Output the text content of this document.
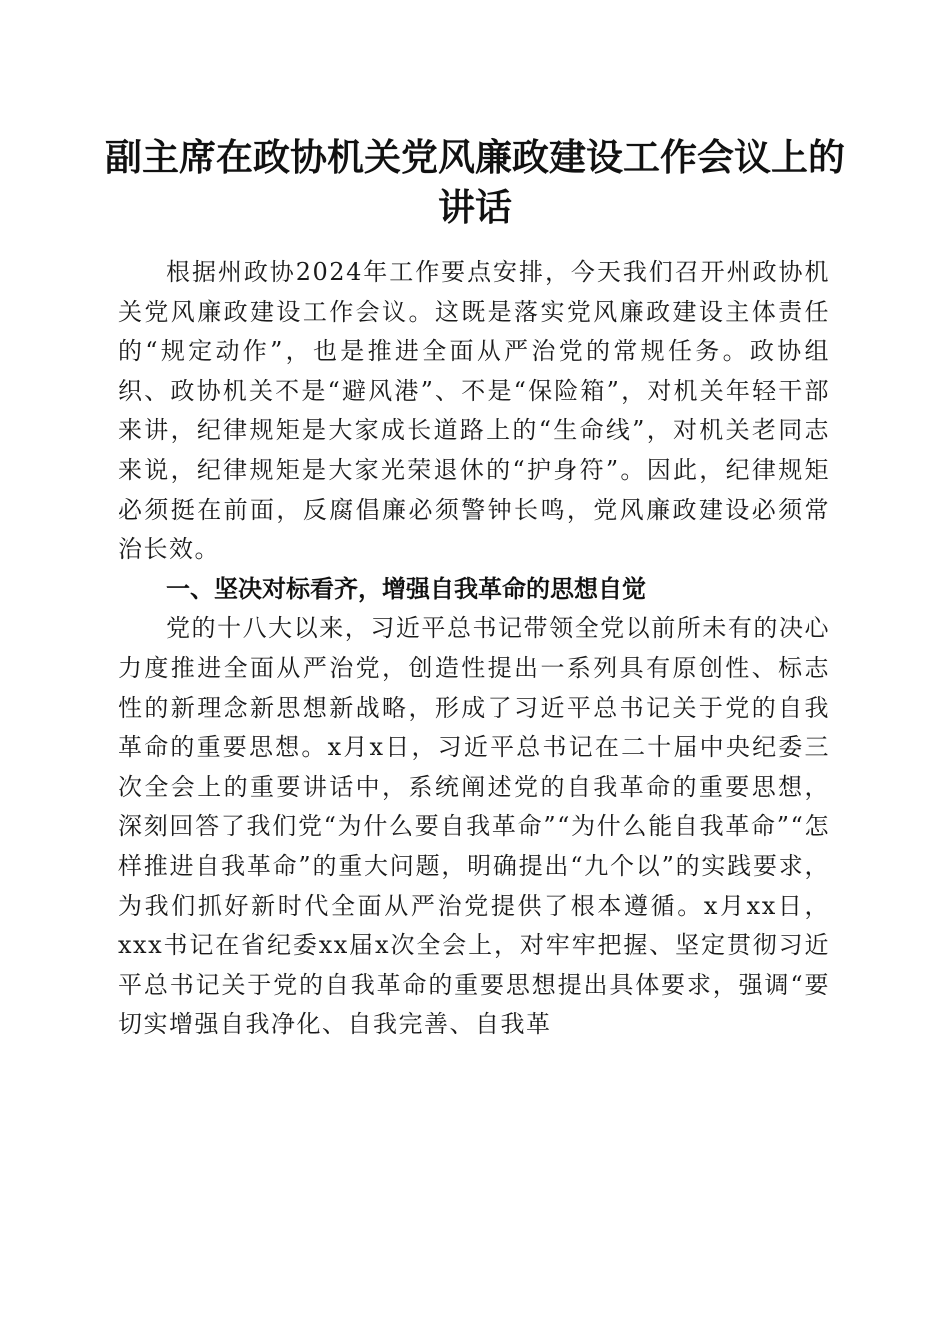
副主席在政协机关党风廉政建设工作会议上的
讲话

根据州政协2024年工作要点安排，今天我们召开州政协机关党风廉政建设工作会议。这既是落实党风廉政建设主体责任的“规定动作”，也是推进全面从严治党的常规任务。政协组织、政协机关不是“避风港”、不是“保险箱”，对机关年轻干部来讲，纪律规矩是大家成长道路上的“生命线”，对机关老同志来说，纪律规矩是大家光荣退休的“护身符”。因此，纪律规矩必须挺在前面，反腐倡廉必须警钟长鸣，党风廉政建设必须常治长效。

一、坚决对标看齐，增强自我革命的思想自觉

党的十八大以来，习近平总书记带领全党以前所未有的决心力度推进全面从严治党，创造性提出一系列具有原创性、标志性的新理念新思想新战略，形成了习近平总书记关于党的自我革命的重要思想。x月x日，习近平总书记在二十届中央纪委三次全会上的重要讲话中，系统阐述党的自我革命的重要思想，深刻回答了我们党“为什么要自我革命”“为什么能自我革命”“怎样推进自我革命”的重大问题，明确提出“九个以”的实践要求，为我们抓好新时代全面从严治党提供了根本遵循。x月xx日，xxx书记在省纪委xx届x次全会上，对牢牢把握、坚定贯彻习近平总书记关于党的自我革命的重要思想提出具体要求，强调“要切实增强自我净化、自我完善、自我革
